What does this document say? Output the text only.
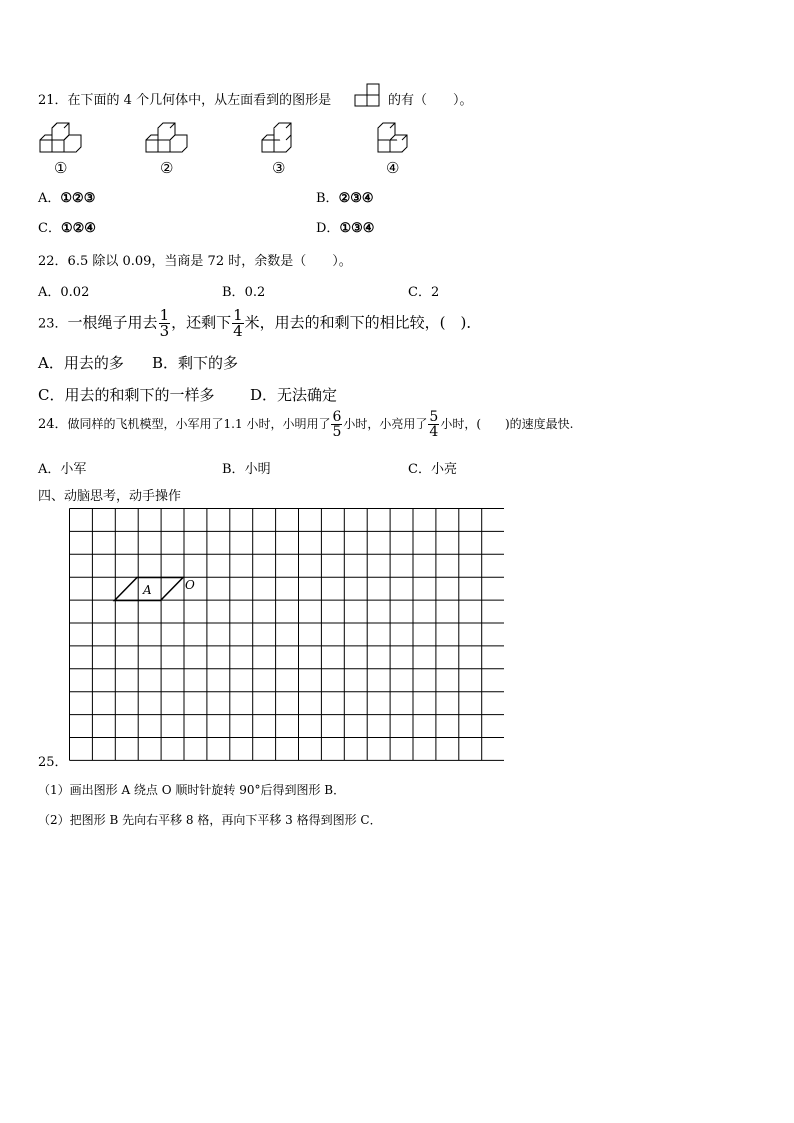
21．在下面的 4 个几何体中，从左面看到的图形是	的有（　　）。
①	②	③	④
A．①②③	B．②③④
C．①②④	D．①③④
22．6.5 除以 0.09，当商是 72 时，余数是（　　）。
A．0.02	B．0.2	C．2
23．一根绳子用去 $\frac{1}{3}$ ，还剩下 $\frac{1}{4}$ 米，用去的和剩下的相比较，(　)．
A．用去的多 B．剩下的多
C．用去的和剩下的一样多 D．无法确定
24．做同样的飞机模型，小军用了1.1 小时，小明用了 $\frac{6}{5}$ 小时，小亮用了 $\frac{5}{4}$ 小时，(　　)的速度最快.
A．小军	B．小明	C．小亮
四、动脑思考，动手操作
A	O
25．
（1）画出图形 A 绕点 O 顺时针旋转 90°后得到图形 B．
（2）把图形 B 先向右平移 8 格，再向下平移 3 格得到图形 C．
